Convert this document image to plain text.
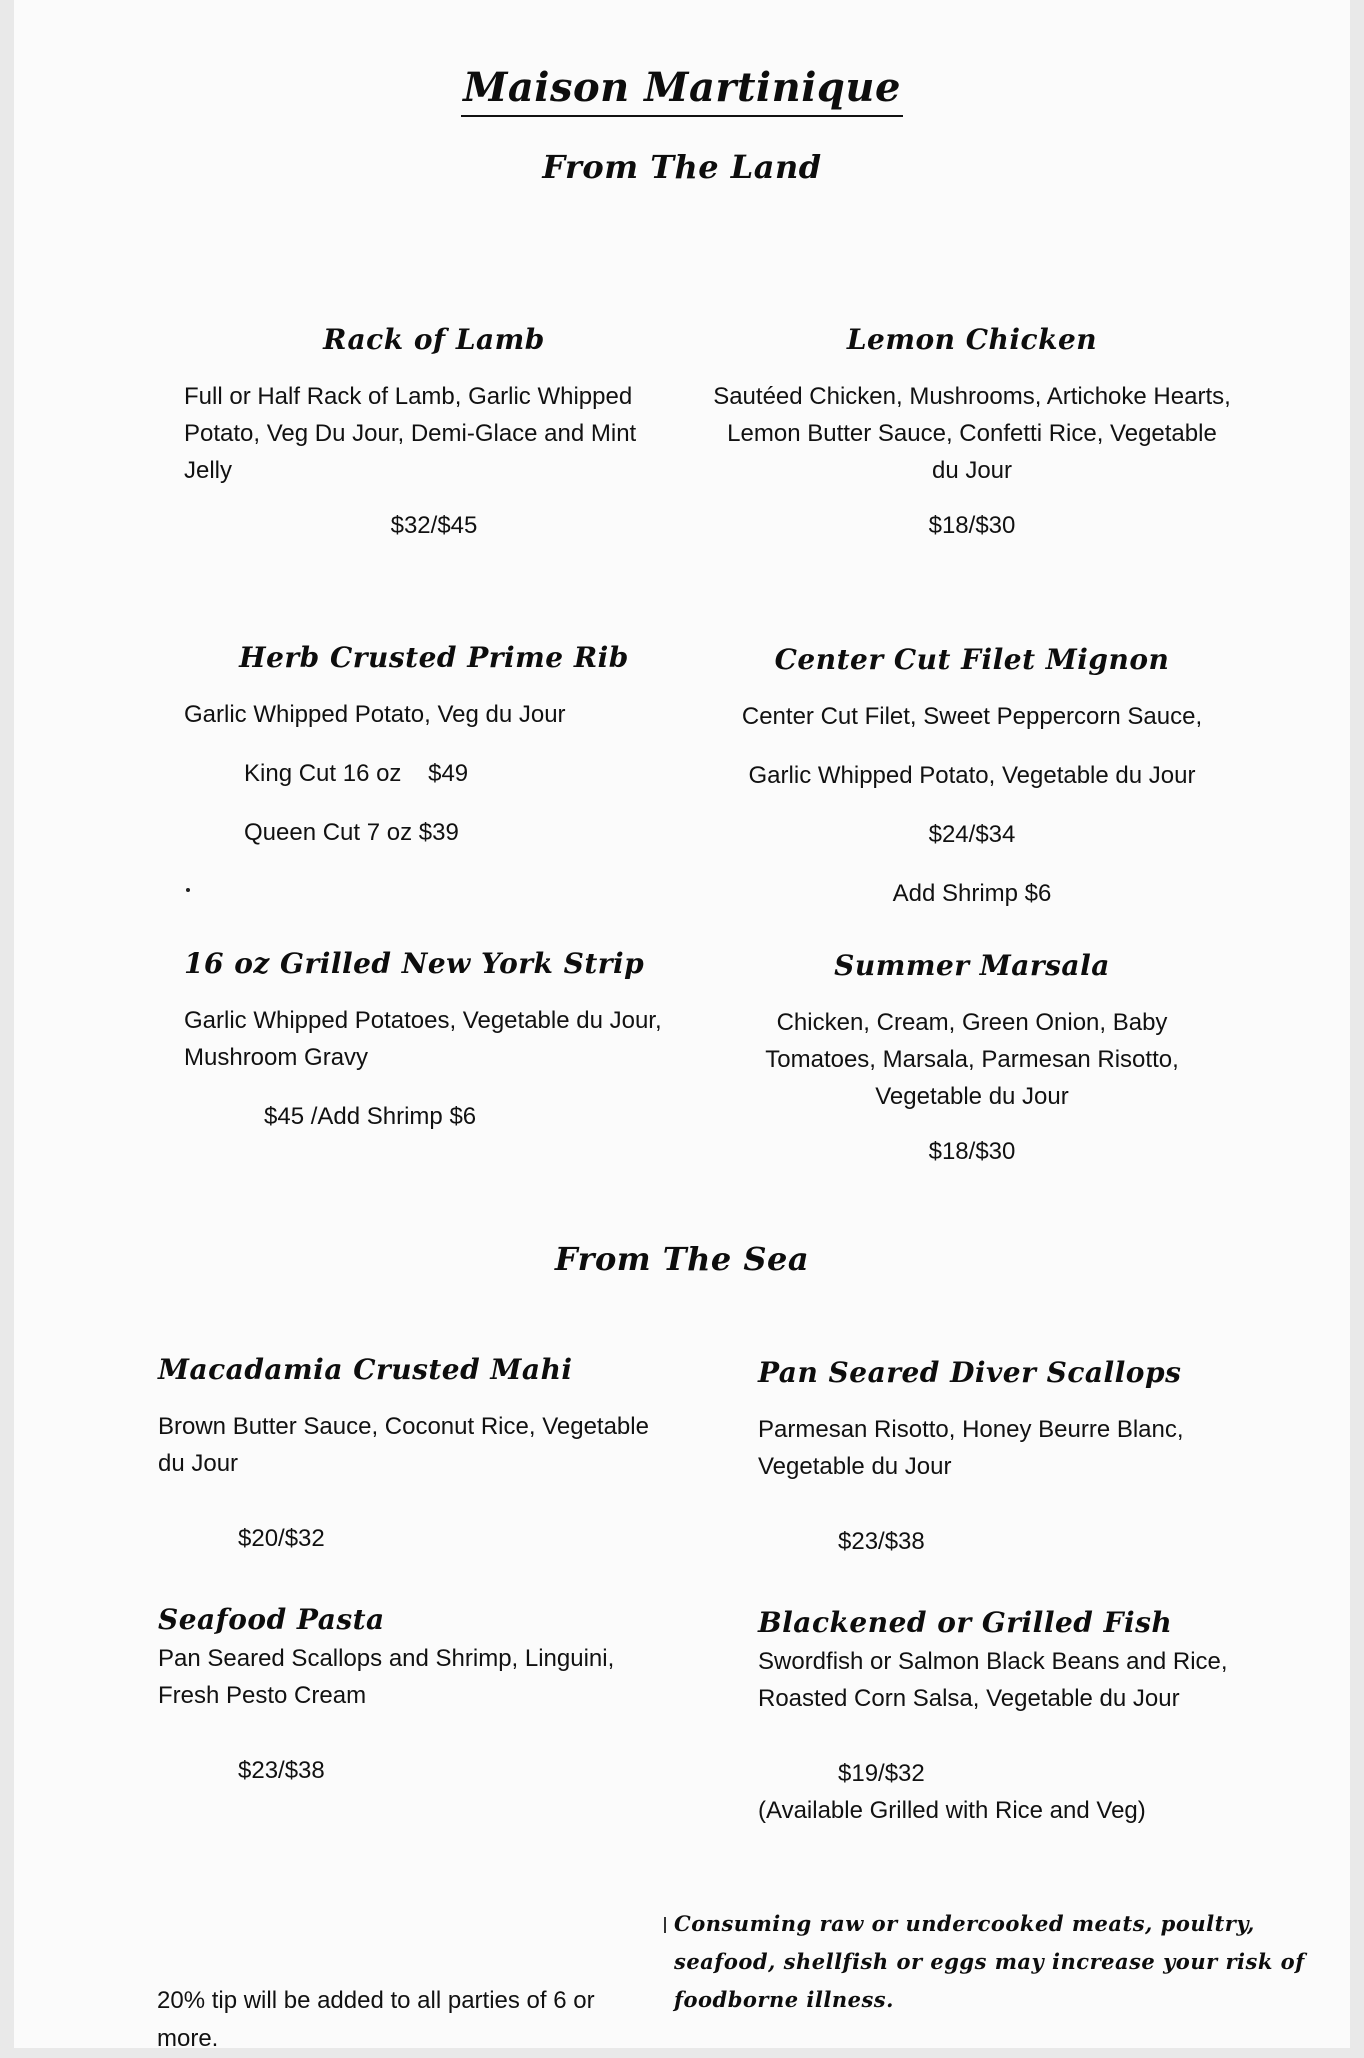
Maison Martinique
From The Land
Rack of Lamb

Full or Half Rack of Lamb, Garlic Whipped Potato, Veg Du Jour, Demi-Glace and Mint Jelly

$32/$45
Lemon Chicken

Sautéed Chicken, Mushrooms, Artichoke Hearts, Lemon Butter Sauce, Confetti Rice, Vegetable du Jour

$18/$30
Herb Crusted Prime Rib

Garlic Whipped Potato, Veg du Jour

King Cut 16 oz    $49
Queen Cut 7 oz $39
Center Cut Filet Mignon
Center Cut Filet, Sweet Peppercorn Sauce,
Garlic Whipped Potato, Vegetable du Jour
$24/$34
Add Shrimp $6
16 oz Grilled New York Strip

Garlic Whipped Potatoes, Vegetable du Jour, Mushroom Gravy

$45 /Add Shrimp $6
Summer Marsala

Chicken, Cream, Green Onion, Baby Tomatoes, Marsala, Parmesan Risotto, Vegetable du Jour

$18/$30
From The Sea
Macadamia Crusted Mahi

Brown Butter Sauce, Coconut Rice, Vegetable du Jour

$20/$32
Pan Seared Diver Scallops

Parmesan Risotto, Honey Beurre Blanc, Vegetable du Jour

$23/$38
Seafood Pasta

Pan Seared Scallops and Shrimp, Linguini, Fresh Pesto Cream

$23/$38
Blackened or Grilled Fish

Swordfish or Salmon Black Beans and Rice, Roasted Corn Salsa, Vegetable du Jour

$19/$32
(Available Grilled with Rice and Veg)
Consuming raw or undercooked meats, poultry, seafood, shellfish or eggs may increase your risk of foodborne illness.
20% tip will be added to all parties of 6 or more.
